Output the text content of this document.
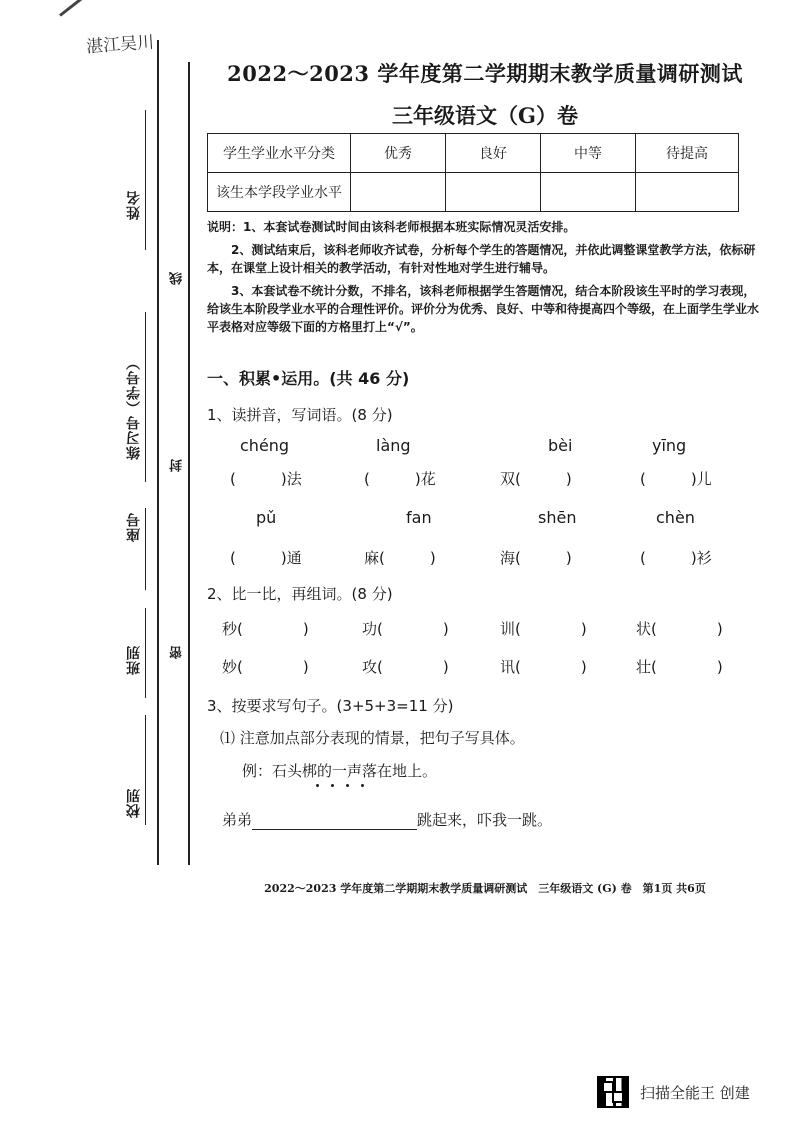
湛江吴川
姓名
练习号（学号）
座号
班别
校别
线
封
密
2022～2023 学年度第二学期期末教学质量调研测试
三年级语文（G）卷
学生学业水平分类	优秀	良好	中等	待提高
该生本学段学业水平				
说明：1、本套试卷测试时间由该科老师根据本班实际情况灵活安排。
2、测试结束后，该科老师收齐试卷，分析每个学生的答题情况，并依此调整课堂教学方法，依标研本，在课堂上设计相关的教学活动，有针对性地对学生进行辅导。
3、本套试卷不统计分数，不排名，该科老师根据学生答题情况，结合本阶段该生平时的学习表现，给该生本阶段学业水平的合理性评价。评价分为优秀、良好、中等和待提高四个等级，在上面学生学业水平表格对应等级下面的方格里打上“√”。
一、积累•运用。(共 46 分)
1、读拼音，写词语。(8 分)
chéng	làng	bèi	yīng
(　　　)法	(　　　)花	双(　　　)	(　　　)儿
pǔ	fan	shēn	chèn
(　　　)通	麻(　　　)	海(　　　)	(　　　)衫
2、比一比，再组词。(8 分)
秒(　　　　)	功(　　　　)	训(　　　　)	状(　　　　)
妙(　　　　)	攻(　　　　)	讯(　　　　)	壮(　　　　)
3、按要求写句子。(3+5+3=11 分)
⑴ 注意加点部分表现的情景，把句子写具体。
例：石头梆的一声落在地上。
弟弟	跳起来，吓我一跳。
2022～2023 学年度第二学期期末教学质量调研测试　三年级语文 (G) 卷　第1页 共6页
扫描全能王 创建
